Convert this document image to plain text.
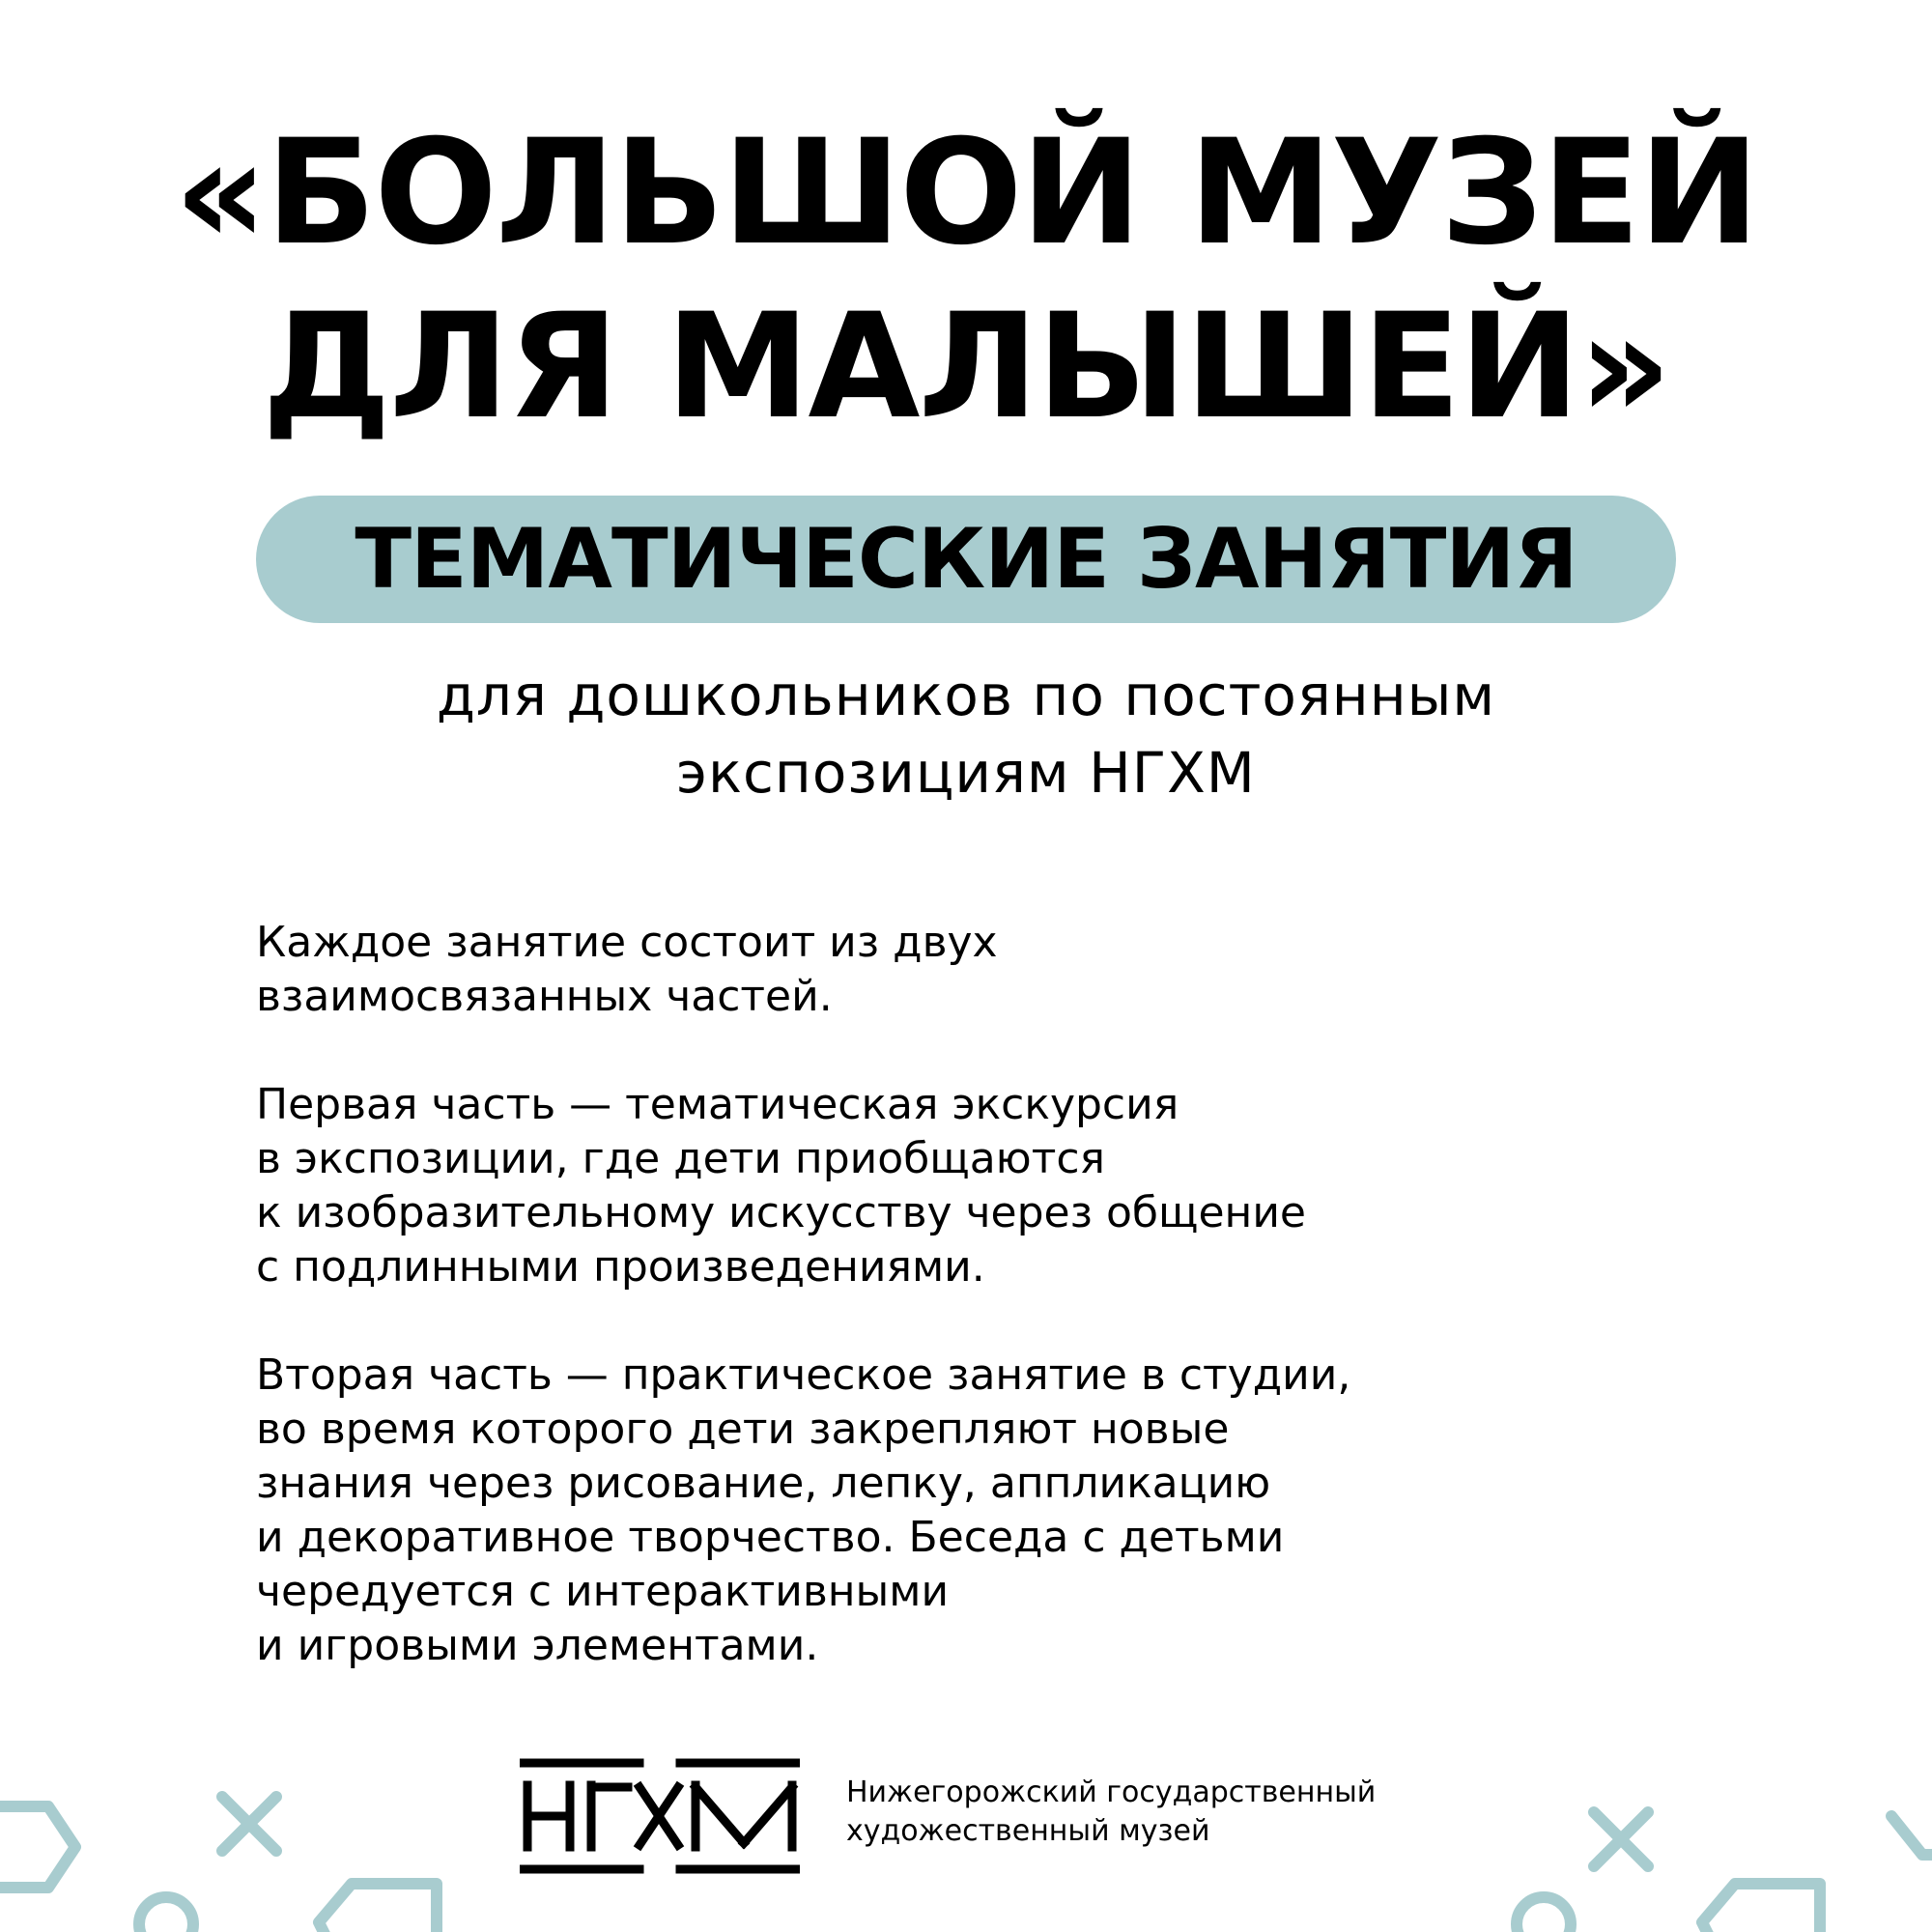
«БОЛЬШОЙ МУЗЕЙ
ДЛЯ МАЛЫШЕЙ»
ТЕМАТИЧЕСКИЕ ЗАНЯТИЯ
для дошкольников по постоянным
экспозициям НГХМ

Каждое занятие состоит из двух
взаимосвязанных частей.

Первая часть — тематическая экскурсия
в экспозиции, где дети приобщаются
к изобразительному искусству через общение
с подлинными произведениями.

Вторая часть — практическое занятие в студии,
во время которого дети закрепляют новые
знания через рисование, лепку, аппликацию
и декоративное творчество. Беседа с детьми
чередуется с интерактивными
и игровыми элементами.

Нижегорожский государственный
художественный музей
